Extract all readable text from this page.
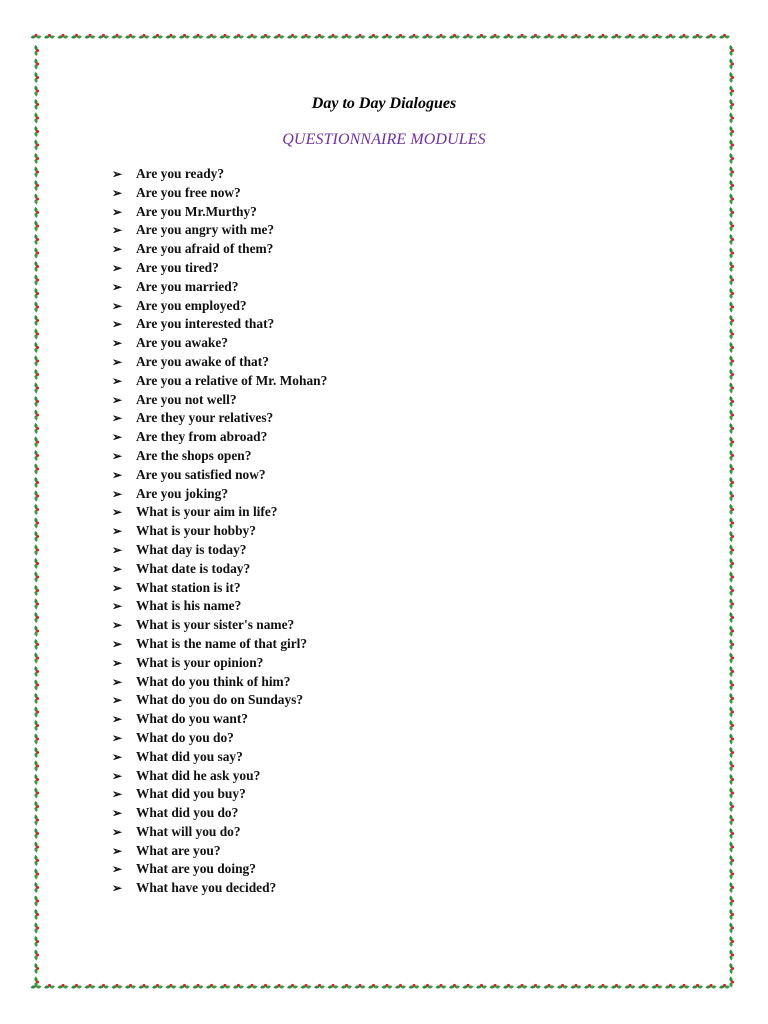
Day to Day Dialogues
QUESTIONNAIRE MODULES
➢	Are you ready?
➢	Are you free now?
➢	Are you Mr.Murthy?
➢	Are you angry with me?
➢	Are you afraid of them?
➢	Are you tired?
➢	Are you married?
➢	Are you employed?
➢	Are you interested that?
➢	Are you awake?
➢	Are you awake of that?
➢	Are you a relative of Mr. Mohan?
➢	Are you not well?
➢	Are they your relatives?
➢	Are they from abroad?
➢	Are the shops open?
➢	Are you satisfied now?
➢	Are you joking?
➢	What is your aim in life?
➢	What is your hobby?
➢	What day is today?
➢	What date is today?
➢	What station is it?
➢	What is his name?
➢	What is your sister's name?
➢	What is the name of that girl?
➢	What is your opinion?
➢	What do you think of him?
➢	What do you do on Sundays?
➢	What do you want?
➢	What do you do?
➢	What did you say?
➢	What did he ask you?
➢	What did you buy?
➢	What did you do?
➢	What will you do?
➢	What are you?
➢	What are you doing?
➢	What have you decided?
